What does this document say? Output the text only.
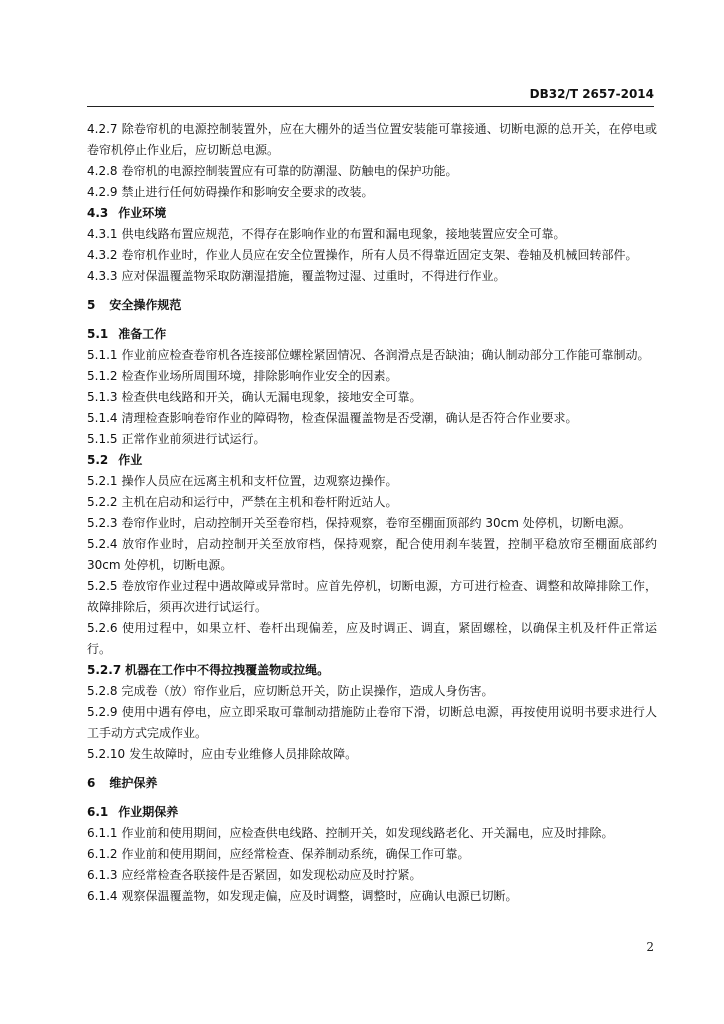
DB32/T 2657-2014

4.2.7 除卷帘机的电源控制装置外，应在大棚外的适当位置安装能可靠接通、切断电源的总开关，在停电或卷帘机停止作业后，应切断总电源。

4.2.8 卷帘机的电源控制装置应有可靠的防潮湿、防触电的保护功能。

4.2.9 禁止进行任何妨碍操作和影响安全要求的改装。

4.3 作业环境

4.3.1 供电线路布置应规范，不得存在影响作业的布置和漏电现象，接地装置应安全可靠。

4.3.2 卷帘机作业时，作业人员应在安全位置操作，所有人员不得靠近固定支架、卷轴及机械回转部件。

4.3.3 应对保温覆盖物采取防潮湿措施，覆盖物过湿、过重时，不得进行作业。

5 安全操作规范

5.1 准备工作

5.1.1 作业前应检查卷帘机各连接部位螺栓紧固情况、各润滑点是否缺油；确认制动部分工作能可靠制动。

5.1.2 检查作业场所周围环境，排除影响作业安全的因素。

5.1.3 检查供电线路和开关，确认无漏电现象，接地安全可靠。

5.1.4 清理检查影响卷帘作业的障碍物，检查保温覆盖物是否受潮，确认是否符合作业要求。

5.1.5 正常作业前须进行试运行。

5.2 作业

5.2.1 操作人员应在远离主机和支杆位置，边观察边操作。

5.2.2 主机在启动和运行中，严禁在主机和卷杆附近站人。

5.2.3 卷帘作业时，启动控制开关至卷帘档，保持观察，卷帘至棚面顶部约 30cm 处停机，切断电源。

5.2.4 放帘作业时，启动控制开关至放帘档，保持观察，配合使用刹车装置，控制平稳放帘至棚面底部约 30cm 处停机，切断电源。

5.2.5 卷放帘作业过程中遇故障或异常时。应首先停机，切断电源，方可进行检查、调整和故障排除工作，故障排除后，须再次进行试运行。

5.2.6 使用过程中，如果立杆、卷杆出现偏差，应及时调正、调直，紧固螺栓，以确保主机及杆件正常运行。

5.2.7 机器在工作中不得拉拽覆盖物或拉绳。

5.2.8 完成卷（放）帘作业后，应切断总开关，防止误操作，造成人身伤害。

5.2.9 使用中遇有停电，应立即采取可靠制动措施防止卷帘下滑，切断总电源，再按使用说明书要求进行人工手动方式完成作业。

5.2.10 发生故障时，应由专业维修人员排除故障。

6 维护保养

6.1 作业期保养

6.1.1 作业前和使用期间，应检查供电线路、控制开关，如发现线路老化、开关漏电，应及时排除。

6.1.2 作业前和使用期间，应经常检查、保养制动系统，确保工作可靠。

6.1.3 应经常检查各联接件是否紧固，如发现松动应及时拧紧。

6.1.4 观察保温覆盖物，如发现走偏，应及时调整，调整时，应确认电源已切断。

2
